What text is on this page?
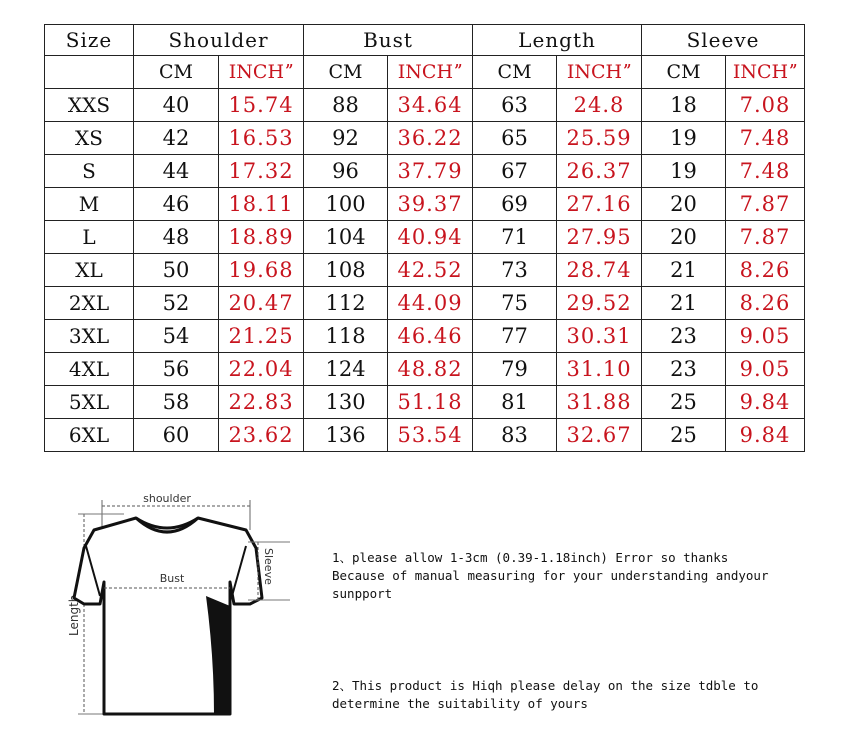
Size	Shoulder		Bust		Length		Sleeve	
	CM	INCHˮ	CM	INCHˮ	CM	INCHˮ	CM	INCHˮ
XXS	40	15.74	88	34.64	63	24.8	18	7.08
XS	42	16.53	92	36.22	65	25.59	19	7.48
S	44	17.32	96	37.79	67	26.37	19	7.48
M	46	18.11	100	39.37	69	27.16	20	7.87
L	48	18.89	104	40.94	71	27.95	20	7.87
XL	50	19.68	108	42.52	73	28.74	21	8.26
2XL	52	20.47	112	44.09	75	29.52	21	8.26
3XL	54	21.25	118	46.46	77	30.31	23	9.05
4XL	56	22.04	124	48.82	79	31.10	23	9.05
5XL	58	22.83	130	51.18	81	31.88	25	9.84
6XL	60	23.62	136	53.54	83	32.67	25	9.84
shoulder
Length
Bust	Sleeve	1、please allow 1-3cm (0.39-1.18inch) Error so thanks
Because of manual measuring for your understanding andyour
sunpport
2、This product is Hiqh please delay on the size tdble to
determine the suitability of yours
